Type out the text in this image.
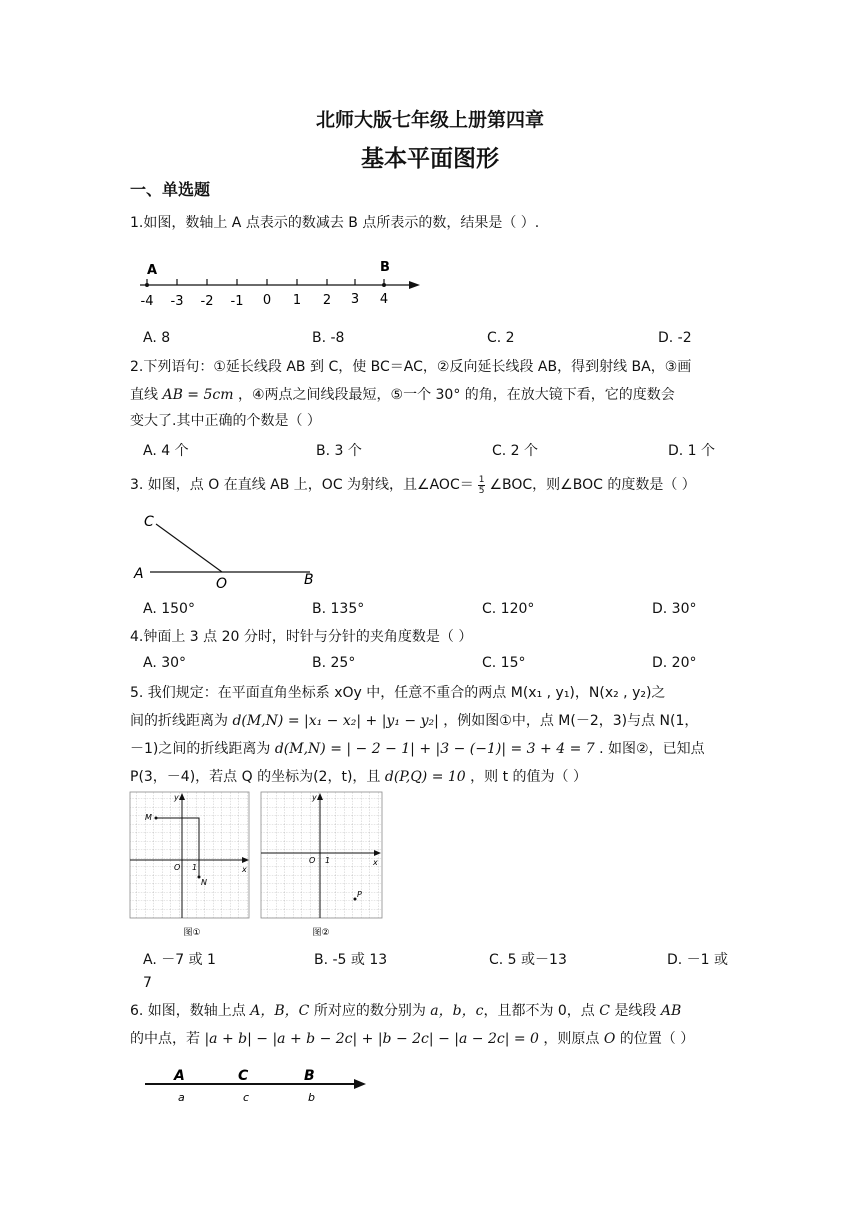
北师大版七年级上册第四章
基本平面图形
一、单选题
1.如图，数轴上 A 点表示的数减去 B 点所表示的数，结果是（ ）.
A	B
-4 -3 -2 -1 0 1 2 3 4
A. 8	B. -8	C. 2	D. -2
2.下列语句：①延长线段 AB 到 C，使 BC＝AC，②反向延长线段 AB，得到射线 BA，③画
直线 AB = 5cm ，④两点之间线段最短，⑤一个 30° 的角，在放大镜下看，它的度数会
变大了.其中正确的个数是（ ）
A. 4 个	B. 3 个	C. 2 个	D. 1 个
3. 如图，点 O 在直线 AB 上，OC 为射线，且∠AOC＝ $\frac{1}{5}$ ∠BOC，则∠BOC 的度数是（ ）
C
A
O	B
A. 150°	B. 135°	C. 120°	D. 30°
4.钟面上 3 点 20 分时，时针与分针的夹角度数是（ ）
A. 30°	B. 25°	C. 15°	D. 20°
5. 我们规定：在平面直角坐标系 xOy 中，任意不重合的两点 M(x₁ , y₁)，N(x₂ , y₂)之
间的折线距离为 d(M,N) = |x₁ − x₂| + |y₁ − y₂| ，例如图①中，点 M(－2，3)与点 N(1，
－1)之间的折线距离为 d(M,N) = | − 2 − 1| + |3 − (−1)| = 3 + 4 = 7 . 如图②，已知点
P(3，－4)，若点 Q 的坐标为(2，t)，且 d(P,Q) = 10 ，则 t 的值为（ ）
y
x
O 1
M
N
图①
y
x
O 1
P
图②
A. －7 或 1	B. -5 或 13	C. 5 或－13	D. －1 或
7
6. 如图，数轴上点 A，B，C 所对应的数分别为 a，b，c，且都不为 0，点 C 是线段 AB
的中点，若 |a + b| − |a + b − 2c| + |b − 2c| − |a − 2c| = 0 ，则原点 O 的位置（ ）
A	C	B
a	c	b
